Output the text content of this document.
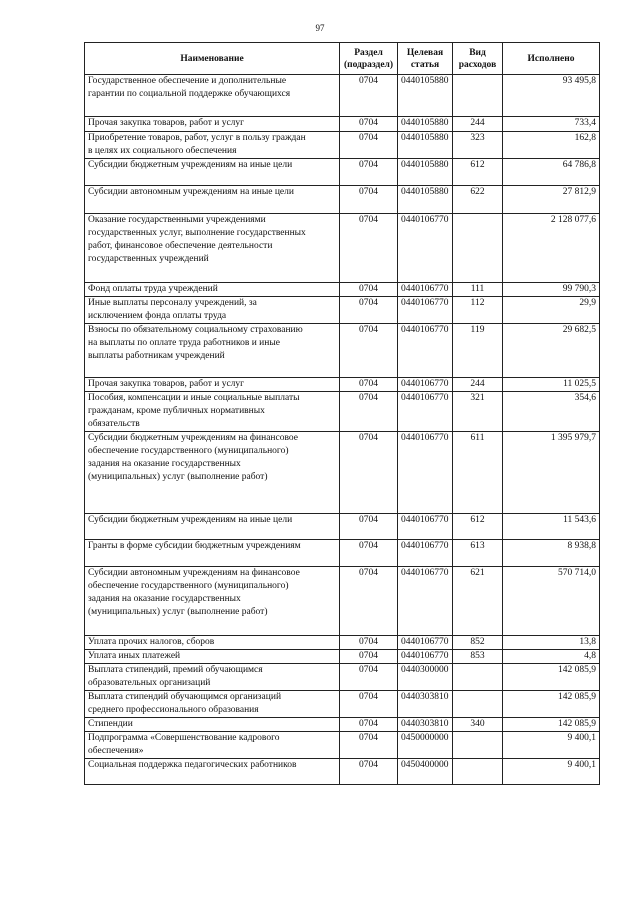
97
Наименование	Раздел (подраздел)	Целевая статья	Вид расходов	Исполнено
Государственное обеспечение и дополнительные
гарантии по социальной поддержке обучающихся	0704	0440105880		93 495,8
Прочая закупка товаров, работ и услуг	0704	0440105880	244	733,4
Приобретение товаров, работ, услуг в пользу граждан
в целях их социального обеспечения	0704	0440105880	323	162,8
Субсидии бюджетным учреждениям на иные цели	0704	0440105880	612	64 786,8
Субсидии автономным учреждениям на иные цели	0704	0440105880	622	27 812,9
Оказание государственными учреждениями
государственных услуг, выполнение государственных
работ, финансовое обеспечение деятельности
государственных учреждений	0704	0440106770		2 128 077,6
Фонд оплаты труда учреждений	0704	0440106770	111	99 790,3
Иные выплаты персоналу учреждений, за
исключением фонда оплаты труда	0704	0440106770	112	29,9
Взносы по обязательному социальному страхованию
на выплаты по оплате труда работников и иные
выплаты работникам учреждений	0704	0440106770	119	29 682,5
Прочая закупка товаров, работ и услуг	0704	0440106770	244	11 025,5
Пособия, компенсации и иные социальные выплаты
гражданам, кроме публичных нормативных
обязательств	0704	0440106770	321	354,6
Субсидии бюджетным учреждениям на финансовое
обеспечение государственного (муниципального)
задания на оказание государственных
(муниципальных) услуг (выполнение работ)	0704	0440106770	611	1 395 979,7
Субсидии бюджетным учреждениям на иные цели	0704	0440106770	612	11 543,6
Гранты в форме субсидии бюджетным учреждениям	0704	0440106770	613	8 938,8
Субсидии автономным учреждениям на финансовое
обеспечение государственного (муниципального)
задания на оказание государственных
(муниципальных) услуг (выполнение работ)	0704	0440106770	621	570 714,0
Уплата прочих налогов, сборов	0704	0440106770	852	13,8
Уплата иных платежей	0704	0440106770	853	4,8
Выплата стипендий, премий обучающимся
образовательных организаций	0704	0440300000		142 085,9
Выплата стипендий обучающимся организаций
среднего профессионального образования	0704	0440303810		142 085,9
Стипендии	0704	0440303810	340	142 085,9
Подпрограмма «Совершенствование кадрового
обеспечения»	0704	0450000000		9 400,1
Социальная поддержка педагогических работников	0704	0450400000		9 400,1
